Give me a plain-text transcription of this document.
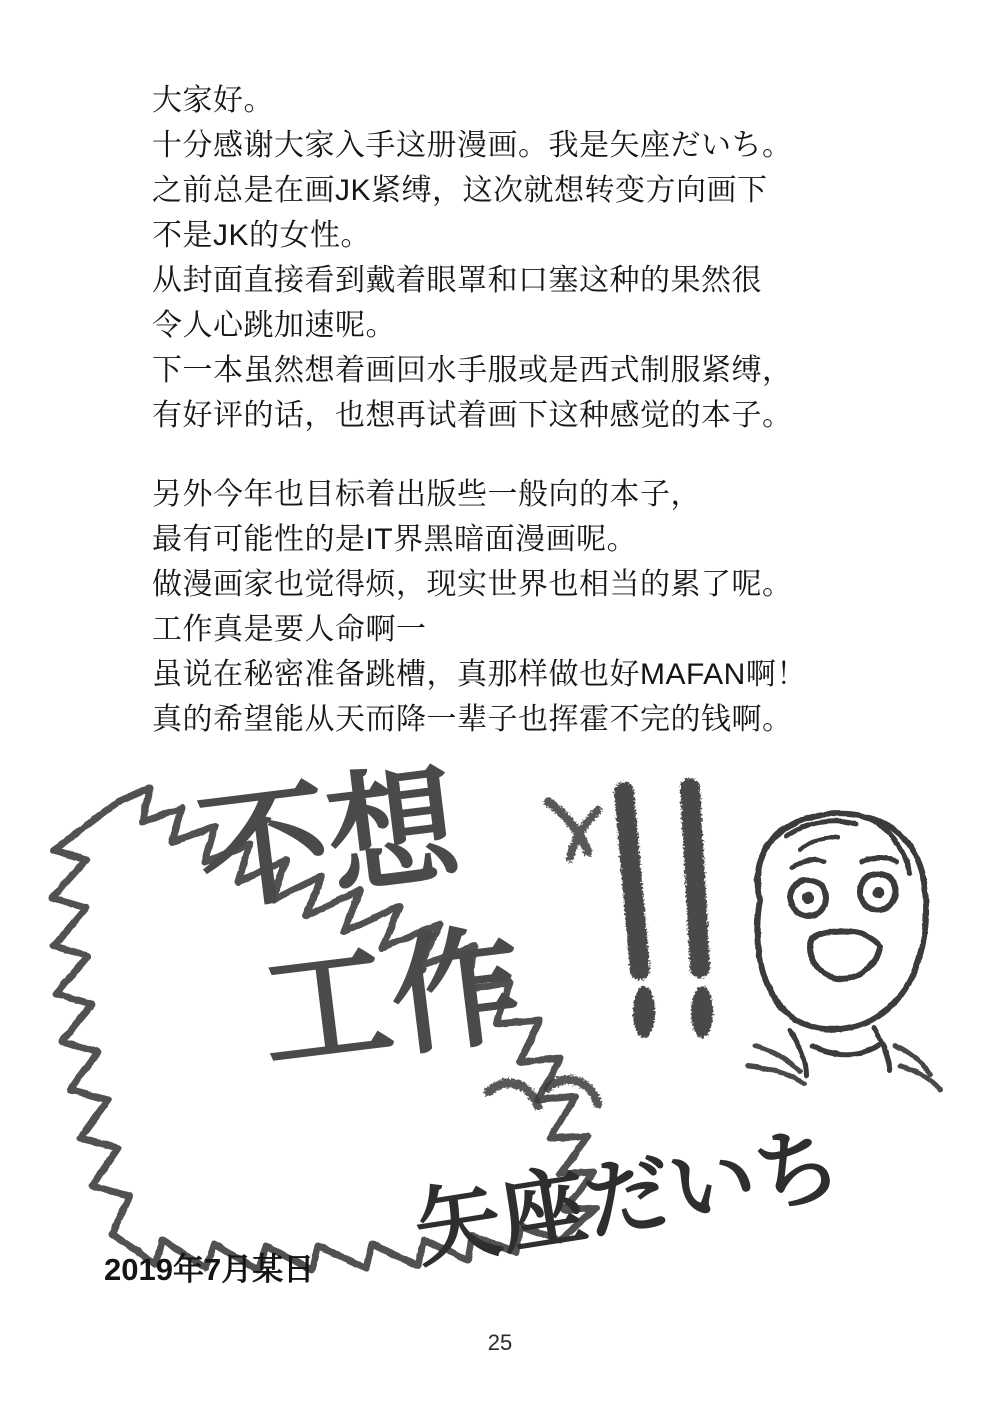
大家好。
十分感谢大家入手这册漫画。我是矢座だいち。
之前总是在画JK紧缚，这次就想转变方向画下
不是JK的女性。
从封面直接看到戴着眼罩和口塞这种的果然很
令人心跳加速呢。
下一本虽然想着画回水手服或是西式制服紧缚，
有好评的话，也想再试着画下这种感觉的本子。
另外今年也目标着出版些一般向的本子，
最有可能性的是IT界黑暗面漫画呢。
做漫画家也觉得烦，现实世界也相当的累了呢。
工作真是要人命啊一
虽说在秘密准备跳槽，真那样做也好MAFAN啊！
真的希望能从天而降一辈子也挥霍不完的钱啊。
不想
工作
矢座だいち
2019年7月某日
25
